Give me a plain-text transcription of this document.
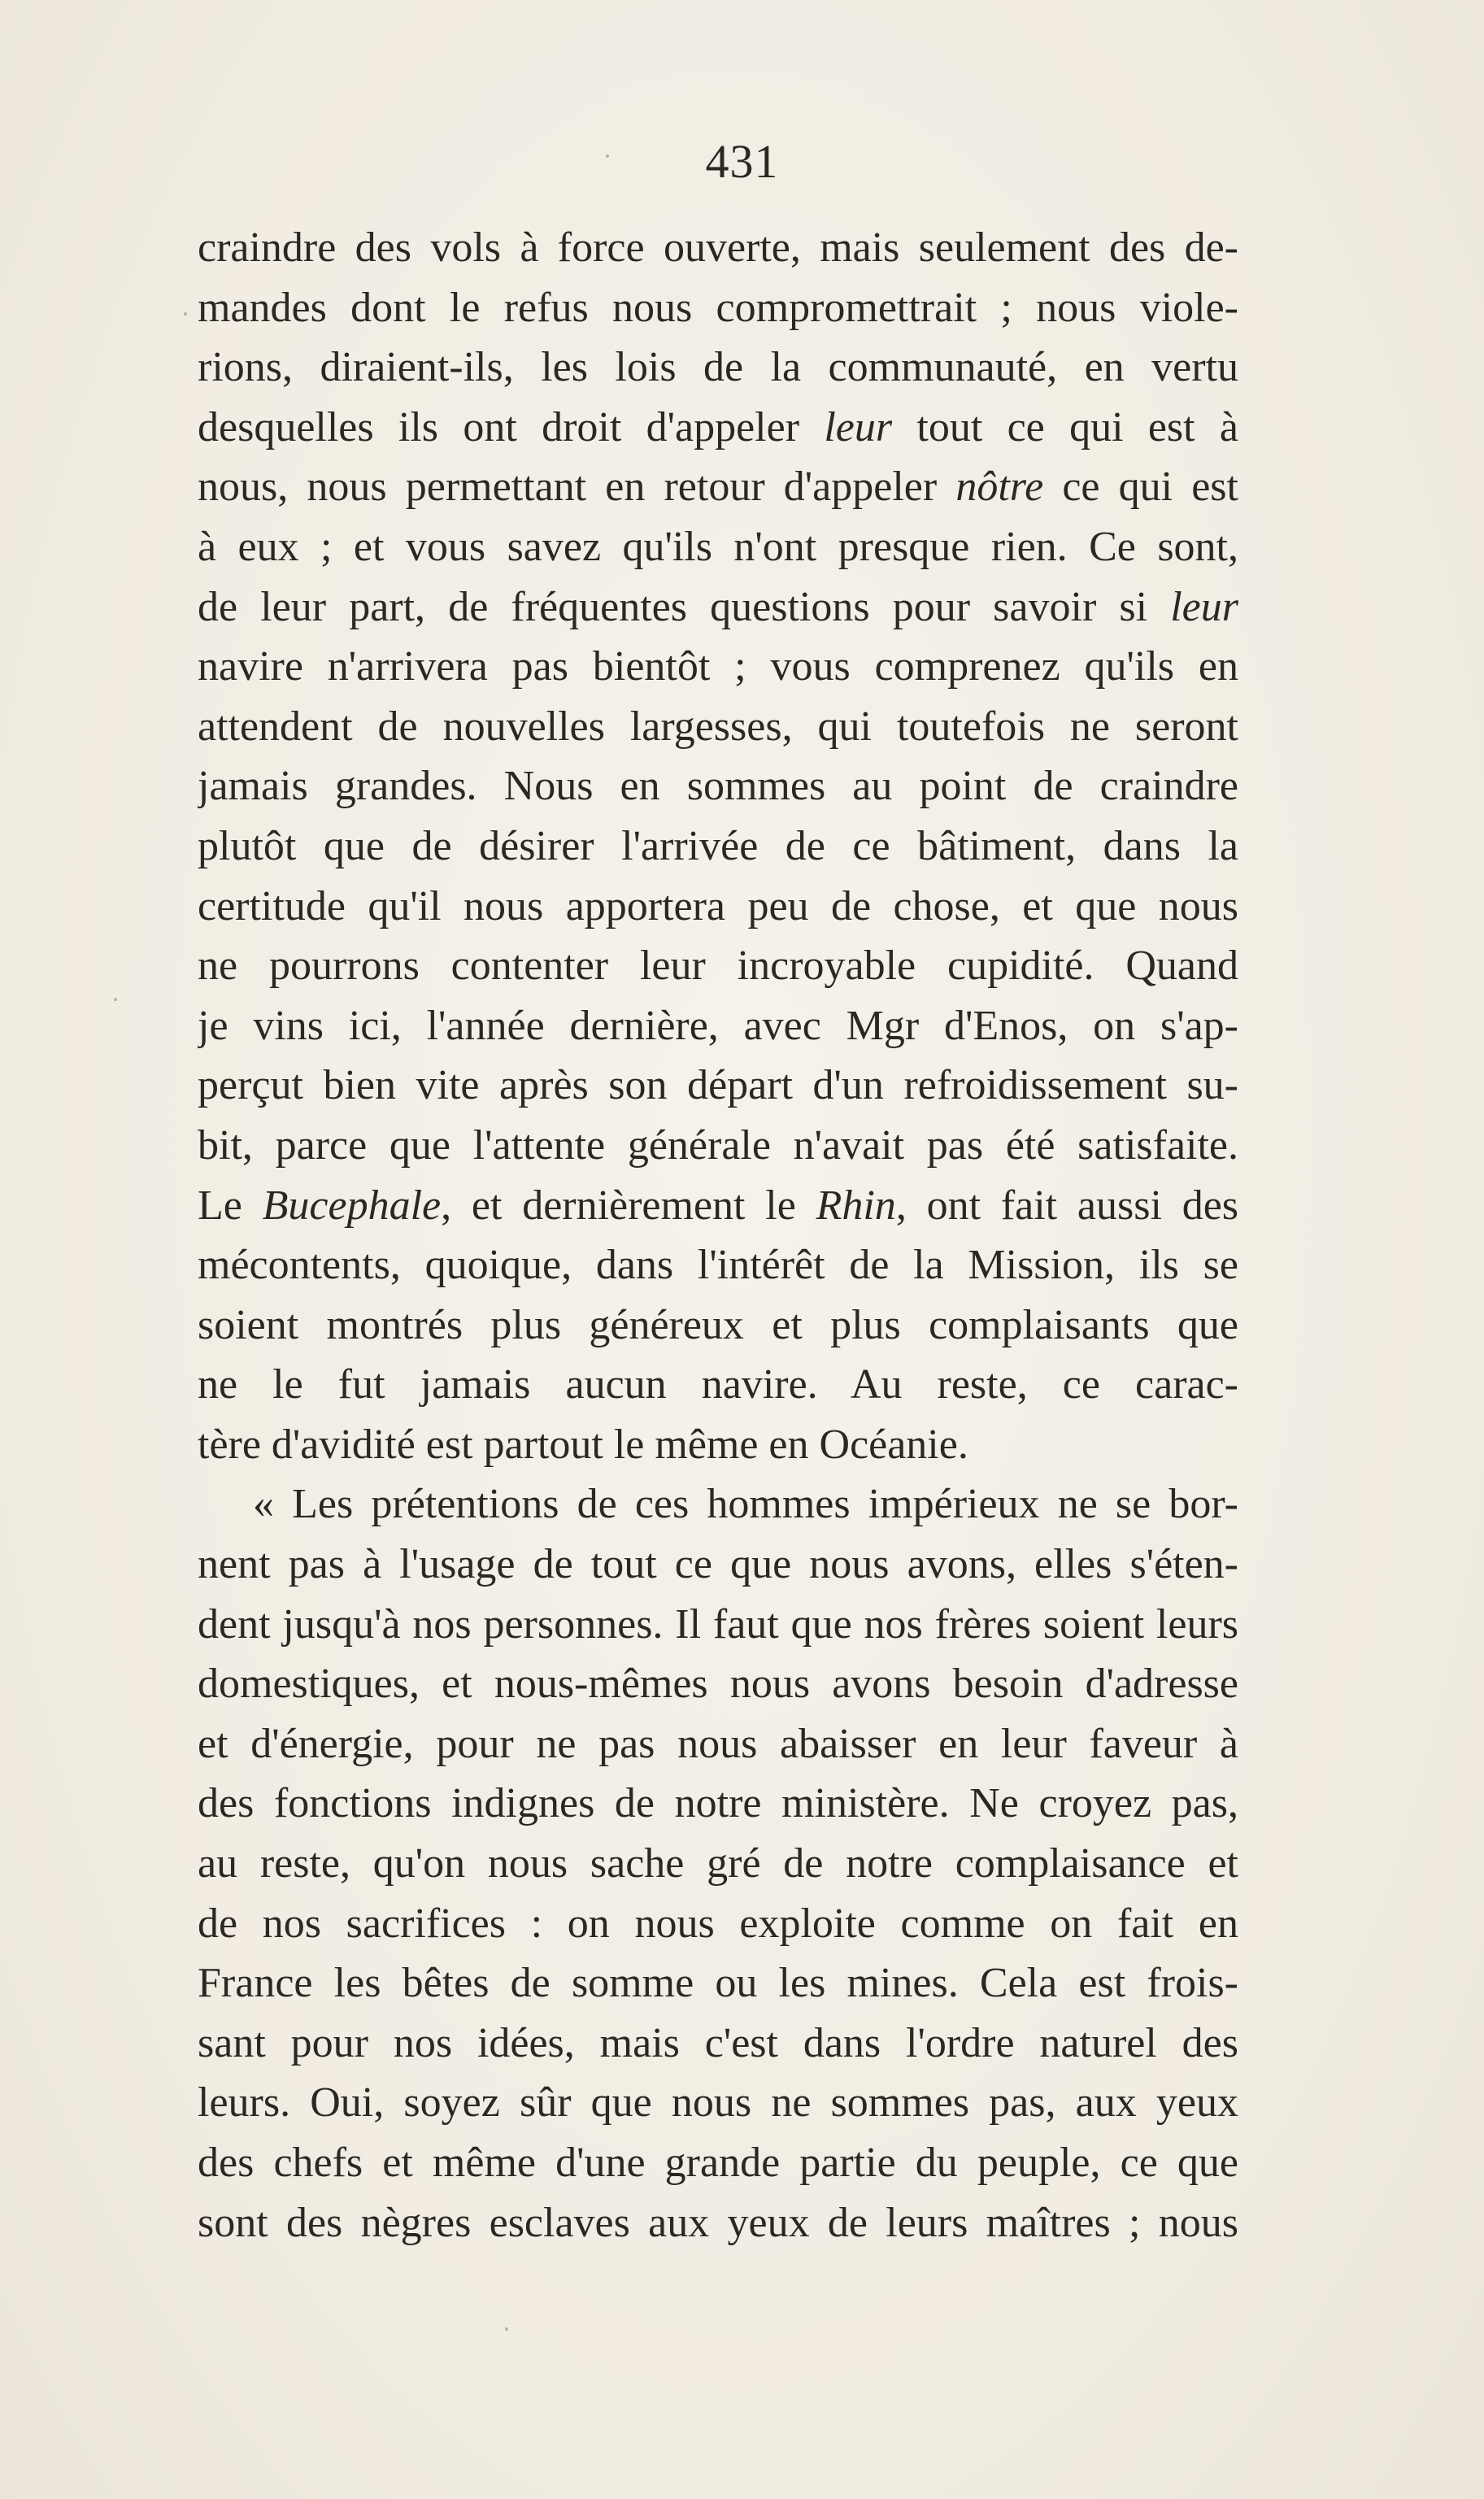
431
craindre des vols à force ouverte, mais seulement des de-
mandes dont le refus nous compromettrait ; nous viole-
rions, diraient-ils, les lois de la communauté, en vertu
desquelles ils ont droit d'appeler leur tout ce qui est à
nous, nous permettant en retour d'appeler nôtre ce qui est
à eux ; et vous savez qu'ils n'ont presque rien. Ce sont,
de leur part, de fréquentes questions pour savoir si leur
navire n'arrivera pas bientôt ; vous comprenez qu'ils en
attendent de nouvelles largesses, qui toutefois ne seront
jamais grandes. Nous en sommes au point de craindre
plutôt que de désirer l'arrivée de ce bâtiment, dans la
certitude qu'il nous apportera peu de chose, et que nous
ne pourrons contenter leur incroyable cupidité. Quand
je vins ici, l'année dernière, avec Mgr d'Enos, on s'ap-
perçut bien vite après son départ d'un refroidissement su-
bit, parce que l'attente générale n'avait pas été satisfaite.
Le Bucephale, et dernièrement le Rhin, ont fait aussi des
mécontents, quoique, dans l'intérêt de la Mission, ils se
soient montrés plus généreux et plus complaisants que
ne le fut jamais aucun navire. Au reste, ce carac-
tère d'avidité est partout le même en Océanie.
« Les prétentions de ces hommes impérieux ne se bor-
nent pas à l'usage de tout ce que nous avons, elles s'éten-
dent jusqu'à nos personnes. Il faut que nos frères soient leurs
domestiques, et nous-mêmes nous avons besoin d'adresse
et d'énergie, pour ne pas nous abaisser en leur faveur à
des fonctions indignes de notre ministère. Ne croyez pas,
au reste, qu'on nous sache gré de notre complaisance et
de nos sacrifices : on nous exploite comme on fait en
France les bêtes de somme ou les mines. Cela est frois-
sant pour nos idées, mais c'est dans l'ordre naturel des
leurs. Oui, soyez sûr que nous ne sommes pas, aux yeux
des chefs et même d'une grande partie du peuple, ce que
sont des nègres esclaves aux yeux de leurs maîtres ; nous
